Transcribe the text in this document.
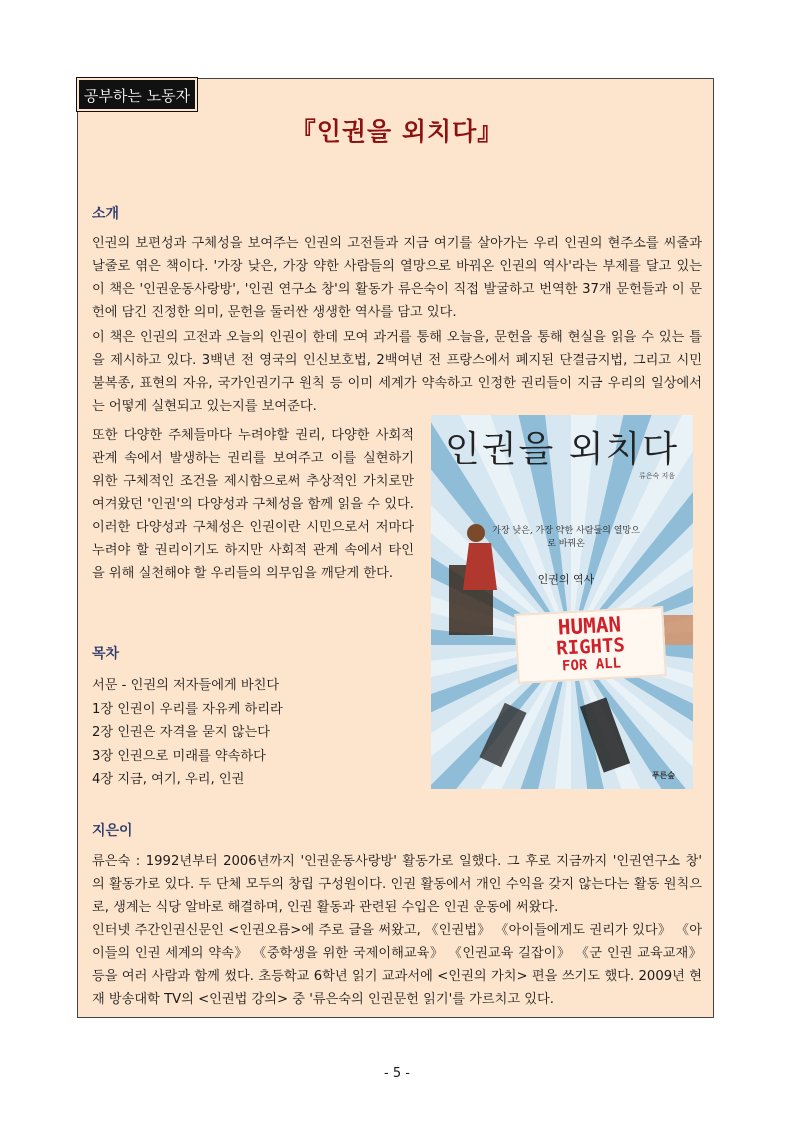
공부하는 노동자
『인권을 외치다』
소개
인권의 보편성과 구체성을 보여주는 인권의 고전들과 지금 여기를 살아가는 우리 인권의 현주소를 씨줄과 날줄로 엮은 책이다. '가장 낮은, 가장 약한 사람들의 열망으로 바꿔온 인권의 역사'라는 부제를 달고 있는 이 책은 '인권운동사랑방', '인권 연구소 창'의 활동가 류은숙이 직접 발굴하고 번역한 37개 문헌들과 이 문헌에 담긴 진정한 의미, 문헌을 둘러싼 생생한 역사를 담고 있다.
이 책은 인권의 고전과 오늘의 인권이 한데 모여 과거를 통해 오늘을, 문헌을 통해 현실을 읽을 수 있는 틀을 제시하고 있다. 3백년 전 영국의 인신보호법, 2백여년 전 프랑스에서 폐지된 단결금지법, 그리고 시민 불복종, 표현의 자유, 국가인권기구 원칙 등 이미 세계가 약속하고 인정한 권리들이 지금 우리의 일상에서는 어떻게 실현되고 있는지를 보여준다.
또한 다양한 주체들마다 누려야할 권리, 다양한 사회적 관계 속에서 발생하는 권리를 보여주고 이를 실현하기 위한 구체적인 조건을 제시함으로써 추상적인 가치로만 여겨왔던 '인권'의 다양성과 구체성을 함께 읽을 수 있다. 이러한 다양성과 구체성은 인권이란 시민으로서 저마다 누려야 할 권리이기도 하지만 사회적 관계 속에서 타인을 위해 실천해야 할 우리들의 의무임을 깨닫게 한다.
목차
서문 - 인권의 저자들에게 바친다
1장 인권이 우리를 자유케 하리라
2장 인권은 자격을 묻지 않는다
3장 인권으로 미래를 약속하다
4장 지금, 여기, 우리, 인권
인권을 외치다
류은숙 지음
가장 낮은, 가장 약한 사람들의 열망으로 바꿔온
인권의 역사
HUMAN
RIGHTS
FOR ALL
푸른숲
지은이
류은숙 : 1992년부터 2006년까지 '인권운동사랑방' 활동가로 일했다. 그 후로 지금까지 '인권연구소 창' 의 활동가로 있다. 두 단체 모두의 창립 구성원이다. 인권 활동에서 개인 수익을 갖지 않는다는 활동 원칙으로, 생계는 식당 알바로 해결하며, 인권 활동과 관련된 수입은 인권 운동에 써왔다.
인터넷 주간인권신문인 <인권오름>에 주로 글을 써왔고, 《인권법》 《아이들에게도 권리가 있다》 《아이들의 인권 세계의 약속》 《중학생을 위한 국제이해교육》 《인권교육 길잡이》 《군 인권 교육교재》 등을 여러 사람과 함께 썼다. 초등학교 6학년 읽기 교과서에 <인권의 가치> 편을 쓰기도 했다. 2009년 현재 방송대학 TV의 <인권법 강의> 중 '류은숙의 인권문헌 읽기'를 가르치고 있다.
- 5 -
